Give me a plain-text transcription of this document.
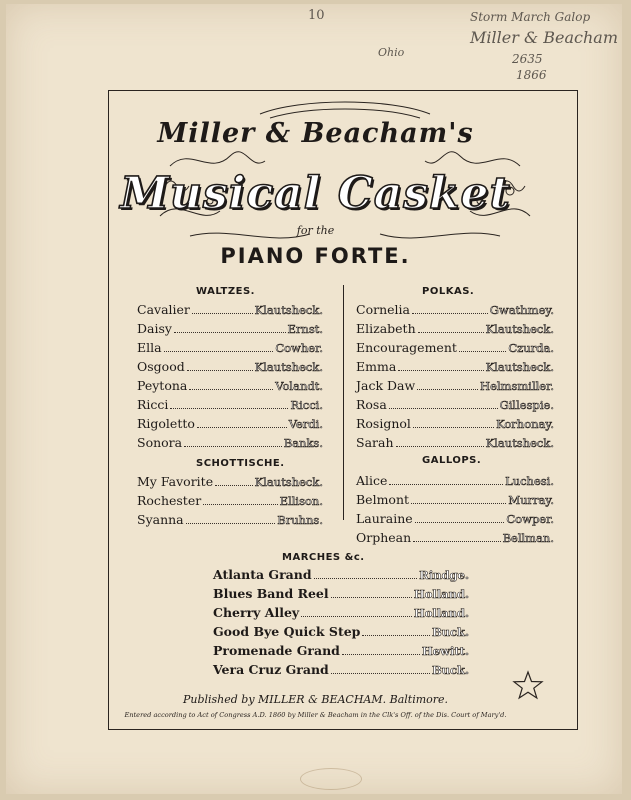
10	Storm March Galop
Miller & Beacham
2635
1866
Ohio
Miller & Beacham's
Musical Casket
for the
PIANO FORTE.
WALTZES.	POLKAS.
Cavalier	Klautsheck.
Daisy	Ernst.
Ella	Cowher.
Osgood	Klautsheck.
Peytona	Volandt.
Ricci	Ricci.
Rigoletto	Verdi.
Sonora	Banks.
Cornelia	Gwathmey.
Elizabeth	Klautsheck.
Encouragement	Czurda.
Emma	Klautsheck.
Jack Daw	Helmsmiller.
Rosa	Gillespie.
Rosignol	Korhonay.
Sarah	Klautsheck.
SCHOTTISCHE.	GALLOPS.
My Favorite	Klautsheck.
Rochester	Ellison.
Syanna	Bruhns.
Alice	Luchesi.
Belmont	Murray.
Lauraine	Cowper.
Orphean	Bellman.
MARCHES &c.
Atlanta Grand	Rindge.
Blues Band Reel	Holland.
Cherry Alley	Holland.
Good Bye Quick Step	Buck.
Promenade Grand	Hewitt.
Vera Cruz Grand	Buck.
Published by MILLER & BEACHAM. Baltimore.
Entered according to Act of Congress A.D. 1860 by Miller & Beacham in the Clk's Off. of the Dis. Court of Mary'd.
